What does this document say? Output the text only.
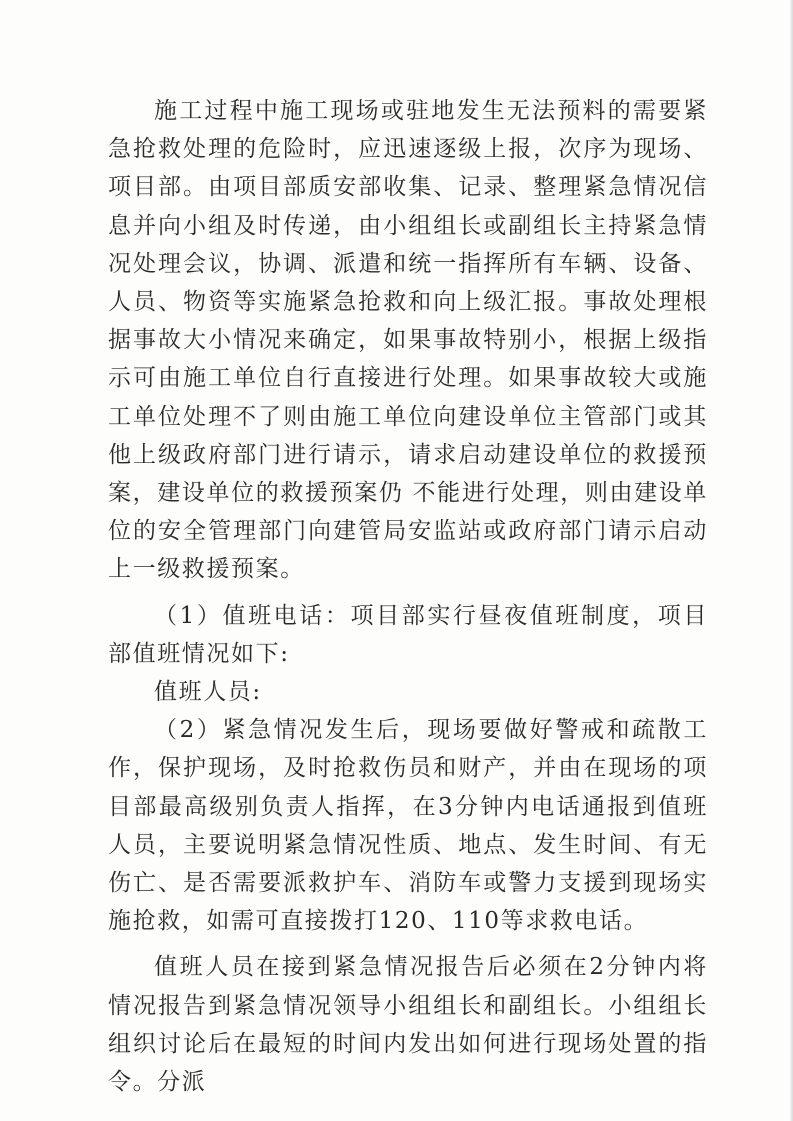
施工过程中施工现场或驻地发生无法预料的需要紧急抢救处理的危险时，应迅速逐级上报，次序为现场、项目部。由项目部质安部收集、记录、整理紧急情况信息并向小组及时传递，由小组组长或副组长主持紧急情况处理会议，协调、派遣和统一指挥所有车辆、设备、人员、物资等实施紧急抢救和向上级汇报。事故处理根据事故大小情况来确定，如果事故特别小，根据上级指示可由施工单位自行直接进行处理。如果事故较大或施工单位处理不了则由施工单位向建设单位主管部门或其他上级政府部门进行请示，请求启动建设单位的救援预案，建设单位的救援预案仍 不能进行处理，则由建设单位的安全管理部门向建管局安监站或政府部门请示启动上一级救援预案。

（1）值班电话：项目部实行昼夜值班制度，项目部值班情况如下:

值班人员:

（2）紧急情况发生后，现场要做好警戒和疏散工作，保护现场，及时抢救伤员和财产，并由在现场的项目部最高级别负责人指挥，在3分钟内电话通报到值班人员，主要说明紧急情况性质、地点、发生时间、有无伤亡、是否需要派救护车、消防车或警力支援到现场实施抢救，如需可直接拨打120、110等求救电话。

值班人员在接到紧急情况报告后必须在2分钟内将情况报告到紧急情况领导小组组长和副组长。小组组长组织讨论后在最短的时间内发出如何进行现场处置的指令。分派
